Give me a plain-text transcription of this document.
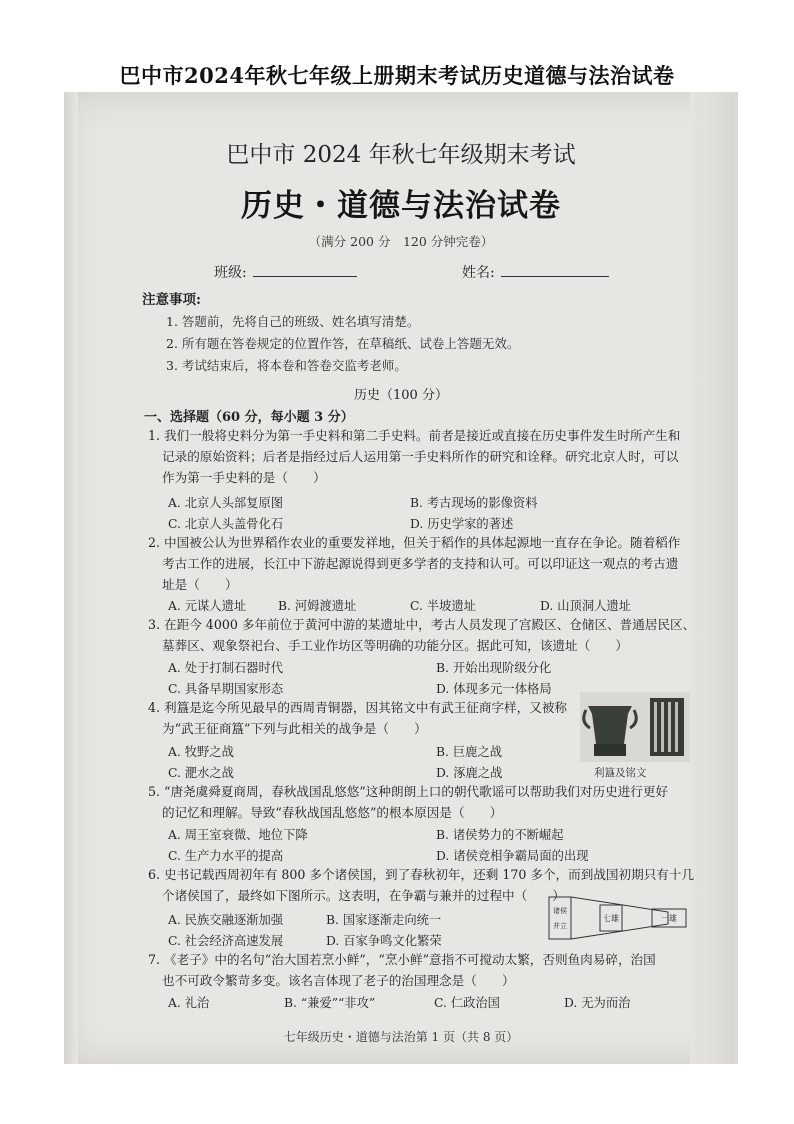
巴中市2024年秋七年级上册期末考试历史道德与法治试卷
巴中市 2024 年秋七年级期末考试
历史・道德与法治试卷
（满分 200 分　120 分钟完卷）
班级:	姓名:
注意事项:
1. 答题前，先将自己的班级、姓名填写清楚。
2. 所有题在答卷规定的位置作答，在草稿纸、试卷上答题无效。
3. 考试结束后，将本卷和答卷交监考老师。
历史（100 分）
一、选择题（60 分，每小题 3 分）
1. 我们一般将史料分为第一手史料和第二手史料。前者是接近或直接在历史事件发生时所产生和
记录的原始资料；后者是指经过后人运用第一手史料所作的研究和诠释。研究北京人时，可以
作为第一手史料的是（　　）
A. 北京人头部复原图	B. 考古现场的影像资料
C. 北京人头盖骨化石	D. 历史学家的著述
2. 中国被公认为世界稻作农业的重要发祥地，但关于稻作的具体起源地一直存在争论。随着稻作
考古工作的进展，长江中下游起源说得到更多学者的支持和认可。可以印证这一观点的考古遗
址是（　　）
A. 元谋人遗址	B. 河姆渡遗址	C. 半坡遗址	D. 山顶洞人遗址
3. 在距今 4000 多年前位于黄河中游的某遗址中，考古人员发现了宫殿区、仓储区、普通居民区、
墓葬区、观象祭祀台、手工业作坊区等明确的功能分区。据此可知，该遗址（　　）
A. 处于打制石器时代	B. 开始出现阶级分化
C. 具备早期国家形态	D. 体现多元一体格局
4. 利簋是迄今所见最早的西周青铜器，因其铭文中有武王征商字样，又被称
为“武王征商簋”下列与此相关的战争是（　　）
A. 牧野之战	B. 巨鹿之战
C. 淝水之战	D. 涿鹿之战	利簋及铭文
5. “唐尧虞舜夏商周，春秋战国乱悠悠”这种朗朗上口的朝代歌谣可以帮助我们对历史进行更好
的记忆和理解。导致“春秋战国乱悠悠”的根本原因是（　　）
A. 周王室衰微、地位下降	B. 诸侯势力的不断崛起
C. 生产力水平的提高	D. 诸侯竞相争霸局面的出现
6. 史书记载西周初年有 800 多个诸侯国，到了春秋初年，还剩 170 多个，而到战国初期只有十几
个诸侯国了，最终如下图所示。这表明，在争霸与兼并的过程中（　　）
A. 民族交融逐渐加强	B. 国家逐渐走向统一
C. 社会经济高速发展	D. 百家争鸣文化繁荣
诸侯
并立
七雄	一雄
7. 《老子》中的名句“治大国若烹小鲜”，“烹小鲜”意指不可搅动太繁，否则鱼肉易碎，治国
也不可政令繁苛多变。该名言体现了老子的治国理念是（　　）
A. 礼治	B. “兼爱”“非攻”	C. 仁政治国	D. 无为而治
七年级历史・道德与法治第 1 页（共 8 页）
